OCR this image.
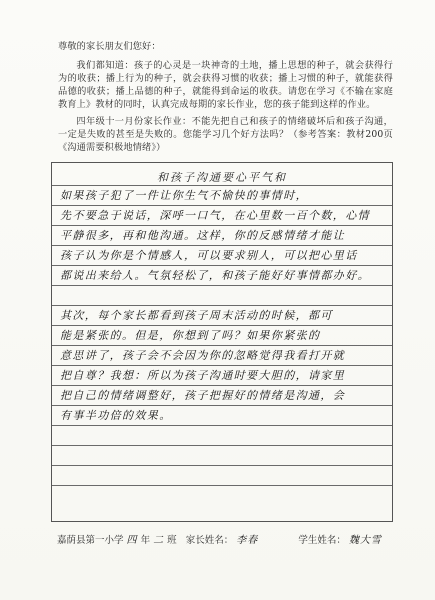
尊敬的家长朋友们您好：

我们都知道：孩子的心灵是一块神奇的土地，播上思想的种子，就会获得行为的收获；播上行为的种子，就会获得习惯的收获；播上习惯的种子，就能获得品德的收获；播上品德的种子，就能得到命运的收获。请您在学习《不输在家庭教育上》教材的同时，认真完成每期的家长作业，您的孩子能到这样的作业。

四年级十一月份家长作业：不能先把自己和孩子的情绪破坏后和孩子沟通，一定是失败的甚至是失败的。您能学习几个好方法吗？（参考答案：教材200页《沟通需要积极地情绪》）

和孩子沟通要心平气和
如果孩子犯了一件让你生气不愉快的事情时，
先不要急于说话，深呼一口气，在心里数一百个数，心情
平静很多，再和他沟通。这样，你的反感情绪才能让
孩子认为你是个情感人，可以要求别人，可以把心里话
都说出来给人。气氛轻松了，和孩子能好好事情都办好。
其次，每个家长都看到孩子周末活动的时候，都可
能是紧张的。但是，你想到了吗？如果你紧张的
意思讲了，孩子会不会因为你的忽略觉得我看打开就
把自尊？我想：所以为孩子沟通时要大胆的，请家里
把自己的情绪调整好，孩子把握好的情绪是沟通，会
有事半功倍的效果。
嘉荫县第一小学 四 年 二 班 家长姓名： 李春	学生姓名： 魏大雪
